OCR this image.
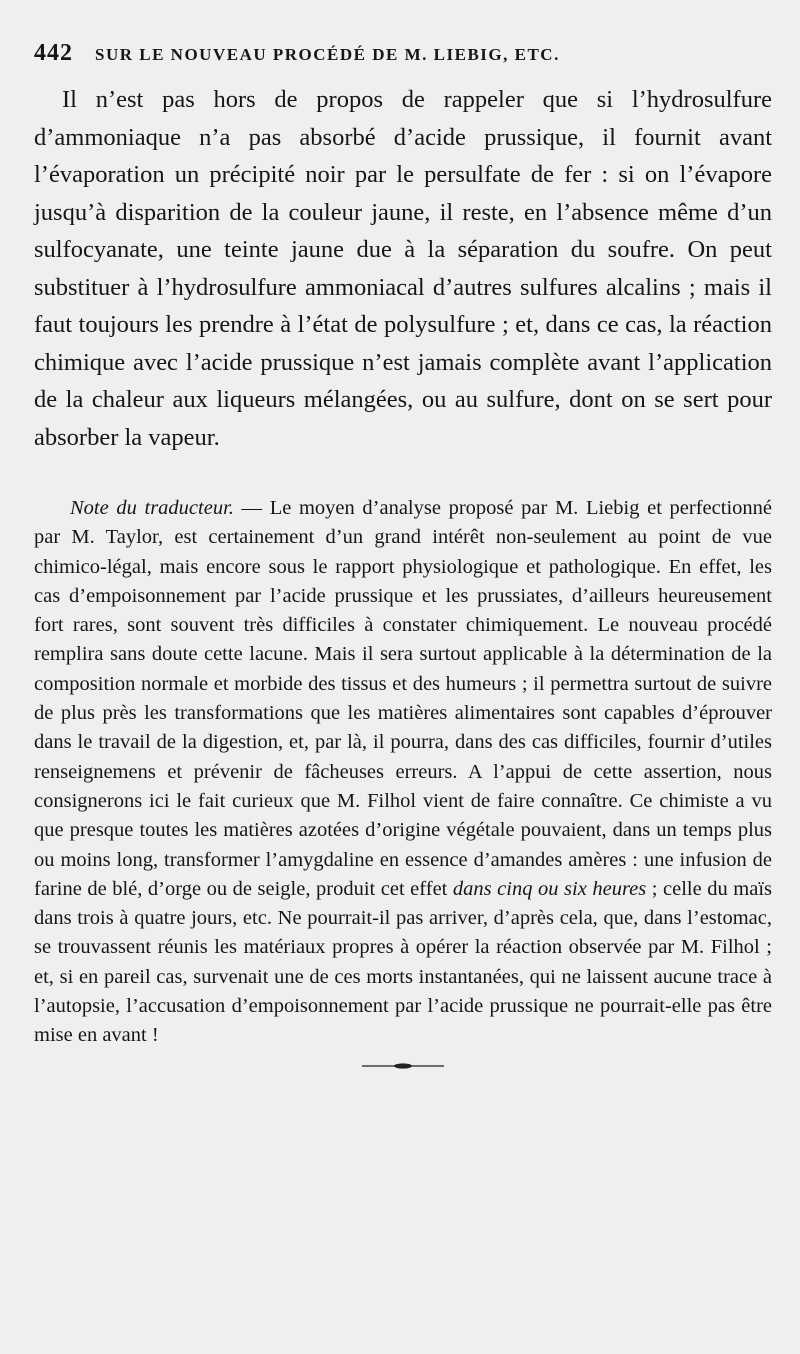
442 SUR LE NOUVEAU PROCÉDÉ DE M. LIEBIG, ETC.

Il n’est pas hors de propos de rappeler que si l’hydrosulfure d’ammoniaque n’a pas absorbé d’acide prussique, il fournit avant l’évaporation un précipité noir par le persulfate de fer : si on l’évapore jusqu’à disparition de la couleur jaune, il reste, en l’absence même d’un sulfocyanate, une teinte jaune due à la séparation du soufre. On peut substituer à l’hydrosulfure ammoniacal d’autres sulfures alcalins ; mais il faut toujours les prendre à l’état de polysulfure ; et, dans ce cas, la réaction chimique avec l’acide prussique n’est jamais complète avant l’application de la chaleur aux liqueurs mélangées, ou au sulfure, dont on se sert pour absorber la vapeur.

Note du traducteur. — Le moyen d’analyse proposé par M. Liebig et perfectionné par M. Taylor, est certainement d’un grand intérêt non-seulement au point de vue chimico-légal, mais encore sous le rapport physiologique et pathologique. En effet, les cas d’empoisonnement par l’acide prussique et les prussiates, d’ailleurs heureusement fort rares, sont souvent très difficiles à constater chimiquement. Le nouveau procédé remplira sans doute cette lacune. Mais il sera surtout applicable à la détermination de la composition normale et morbide des tissus et des humeurs ; il permettra surtout de suivre de plus près les transformations que les matières alimentaires sont capables d’éprouver dans le travail de la digestion, et, par là, il pourra, dans des cas difficiles, fournir d’utiles renseignemens et prévenir de fâcheuses erreurs. A l’appui de cette assertion, nous consignerons ici le fait curieux que M. Filhol vient de faire connaître. Ce chimiste a vu que presque toutes les matières azotées d’origine végétale pouvaient, dans un temps plus ou moins long, transformer l’amygdaline en essence d’amandes amères : une infusion de farine de blé, d’orge ou de seigle, produit cet effet dans cinq ou six heures ; celle du maïs dans trois à quatre jours, etc. Ne pourrait-il pas arriver, d’après cela, que, dans l’estomac, se trouvassent réunis les matériaux propres à opérer la réaction observée par M. Filhol ; et, si en pareil cas, survenait une de ces morts instantanées, qui ne laissent aucune trace à l’autopsie, l’accusation d’empoisonnement par l’acide prussique ne pourrait-elle pas être mise en avant !
